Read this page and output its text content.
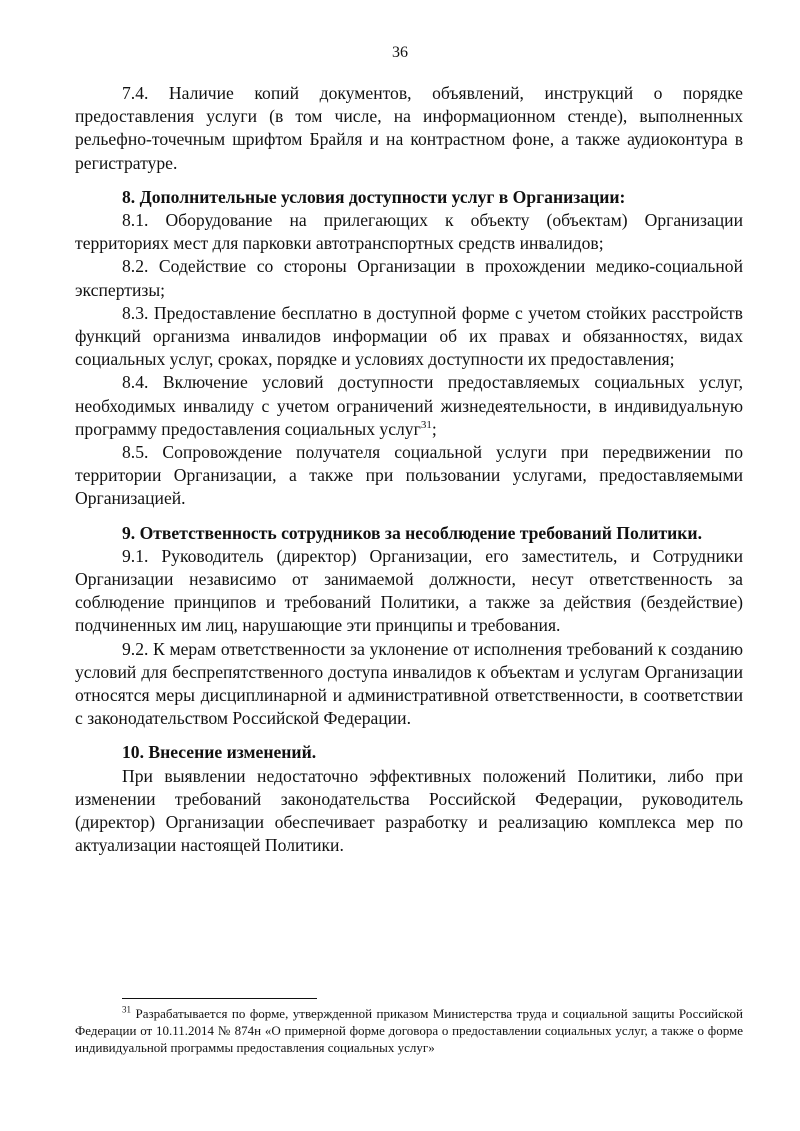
36

7.4. Наличие копий документов, объявлений, инструкций о порядке предоставления услуги (в том числе, на информационном стенде), выполненных рельефно-точечным шрифтом Брайля и на контрастном фоне, а также аудиоконтура в регистратуре.

8. Дополнительные условия доступности услуг в Организации:

8.1. Оборудование на прилегающих к объекту (объектам) Организации территориях мест для парковки автотранспортных средств инвалидов;

8.2. Содействие со стороны Организации в прохождении медико-социальной экспертизы;

8.3. Предоставление бесплатно в доступной форме с учетом стойких расстройств функций организма инвалидов информации об их правах и обязанностях, видах социальных услуг, сроках, порядке и условиях доступности их предоставления;

8.4. Включение условий доступности предоставляемых социальных услуг, необходимых инвалиду с учетом ограничений жизнедеятельности, в индивидуальную программу предоставления социальных услуг$^{31}$;

8.5. Сопровождение получателя социальной услуги при передвижении по территории Организации, а также при пользовании услугами, предоставляемыми Организацией.

9. Ответственность сотрудников за несоблюдение требований Политики.

9.1. Руководитель (директор) Организации, его заместитель, и Сотрудники Организации независимо от занимаемой должности, несут ответственность за соблюдение принципов и требований Политики, а также за действия (бездействие) подчиненных им лиц, нарушающие эти принципы и требования.

9.2. К мерам ответственности за уклонение от исполнения требований к созданию условий для беспрепятственного доступа инвалидов к объектам и услугам Организации относятся меры дисциплинарной и административной ответственности, в соответствии с законодательством Российской Федерации.

10. Внесение изменений.

При выявлении недостаточно эффективных положений Политики, либо при изменении требований законодательства Российской Федерации, руководитель (директор) Организации обеспечивает разработку и реализацию комплекса мер по актуализации настоящей Политики.

$^{31}$ Разрабатывается по форме, утвержденной приказом Министерства труда и социальной защиты Российской Федерации от 10.11.2014 № 874н «О примерной форме договора о предоставлении социальных услуг, а также о форме индивидуальной программы предоставления социальных услуг»
